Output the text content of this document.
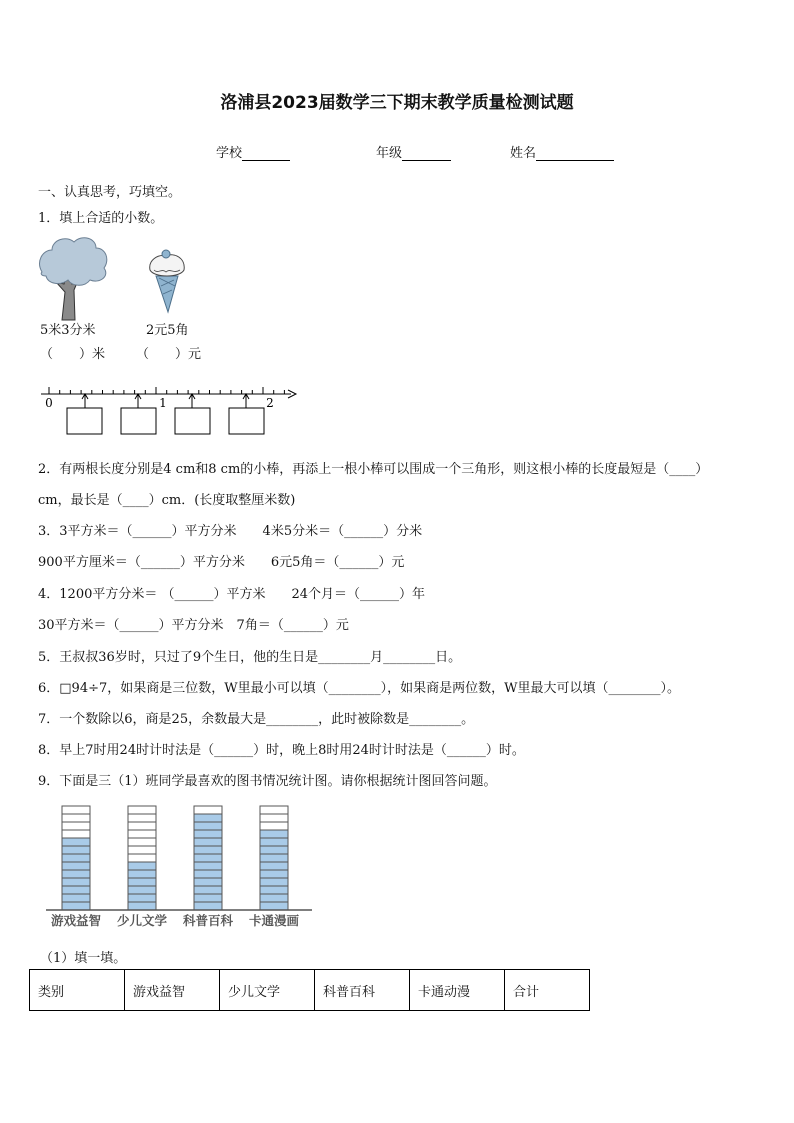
洛浦县2023届数学三下期末教学质量检测试题
学校	年级	姓名
一、认真思考，巧填空。
1．填上合适的小数。
5米3分米	2元5角
（　　）米 （　　）元
0	1	2
2．有两根长度分别是4 cm和8 cm的小棒，再添上一根小棒可以围成一个三角形，则这根小棒的长度最短是（____）
cm，最长是（____）cm．(长度取整厘米数)
3．3平方米＝（______）平方分米　　4米5分米＝（______）分米
900平方厘米＝（______）平方分米　　6元5角＝（______）元
4．1200平方分米＝ （______）平方米　　24个月＝（______）年
30平方米＝（______）平方分米　7角＝（______）元
5．王叔叔36岁时，只过了9个生日，他的生日是________月________日。
6．□94÷7，如果商是三位数，W里最小可以填（________），如果商是两位数，W里最大可以填（________）。
7．一个数除以6，商是25，余数最大是________，此时被除数是________。
8．早上7时用24时计时法是（______）时，晚上8时用24时计时法是（______）时。
9．下面是三（1）班同学最喜欢的图书情况统计图。请你根据统计图回答问题。
游戏益智 少儿文学 科普百科 卡通漫画
（1）填一填。
类别	游戏益智	少儿文学	科普百科	卡通动漫	合计
